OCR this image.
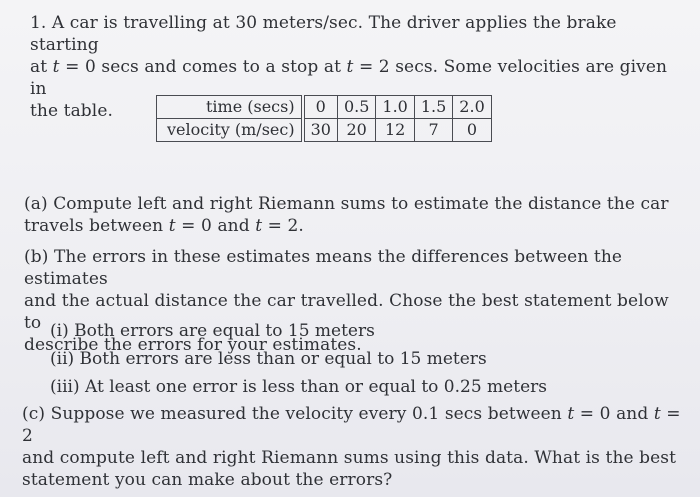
1. A car is travelling at 30 meters/sec. The driver applies the brake starting
at t = 0 secs and comes to a stop at t = 2 secs. Some velocities are given in
the table.	time (secs)	0	0.5	1.0	1.5	2.0
velocity (m/sec)	30	20	12	7	0
(a) Compute left and right Riemann sums to estimate the distance the car
travels between t = 0 and t = 2.
(b) The errors in these estimates means the differences between the estimates
and the actual distance the car travelled. Chose the best statement below to
describe the errors for your estimates.
(i) Both errors are equal to 15 meters
(ii) Both errors are less than or equal to 15 meters
(iii) At least one error is less than or equal to 0.25 meters
(c) Suppose we measured the velocity every 0.1 secs between t = 0 and t = 2
and compute left and right Riemann sums using this data. What is the best
statement you can make about the errors?
